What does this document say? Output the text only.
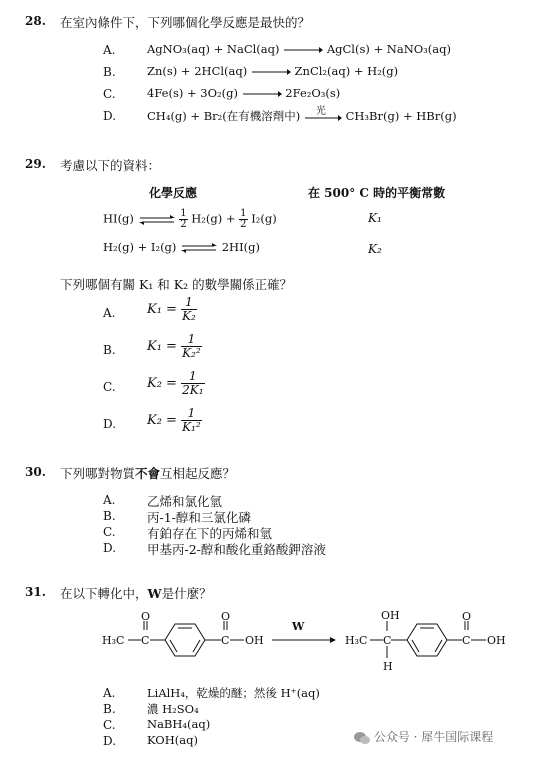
28. 在室內條件下，下列哪個化學反應是最快的？
A.	AgNO₃(aq) + NaCl(aq)	AgCl(s) + NaNO₃(aq)
B.	Zn(s) + 2HCl(aq)	ZnCl₂(aq) + H₂(g)
C.	4Fe(s) + 3O₂(g)	2Fe₂O₃(s)
D.	CH₄(g) + Br₂(在有機溶劑中) 光 CH₃Br(g) + HBr(g)
29. 考慮以下的資料：
化學反應	在 500° C 時的平衡常數
HI(g) ⇌ $\frac{1}{2} H_2(g) + \frac{1}{2} I_2(g)$	K₁
H₂(g) + I₂(g) ⇌ 2HI(g)	K₂
下列哪個有關 K₁ 和 K₂ 的數學關係正確？
A. $K_1 = \frac{1}{\text{K₂}}$
B. $K_1 = \frac{1}{\text{K₂²}}$
C. $K_2 = \frac{1}{\text{2K₁}}$
D. $K_2 = \frac{1}{\text{K₁²}}$
30. 下列哪對物質不會互相起反應？
A.	乙烯和氯化氫
B.	丙-1-醇和三氯化磷
C.	有鉑存在下的丙烯和氫
D. 甲基丙-2-醇和酸化重鉻酸鉀溶液
31. 在以下轉化中，W是什麼？
H₃C C
O
C
O
OH
W
H₃C C
OH
H
C
O
OH
A.	LiAlH₄，乾燥的醚；然後 H⁺(aq)
B.	濃 H₂SO₄
C.	NaBH₄(aq)
D.	KOH(aq)	公众号 · 犀牛国际课程
